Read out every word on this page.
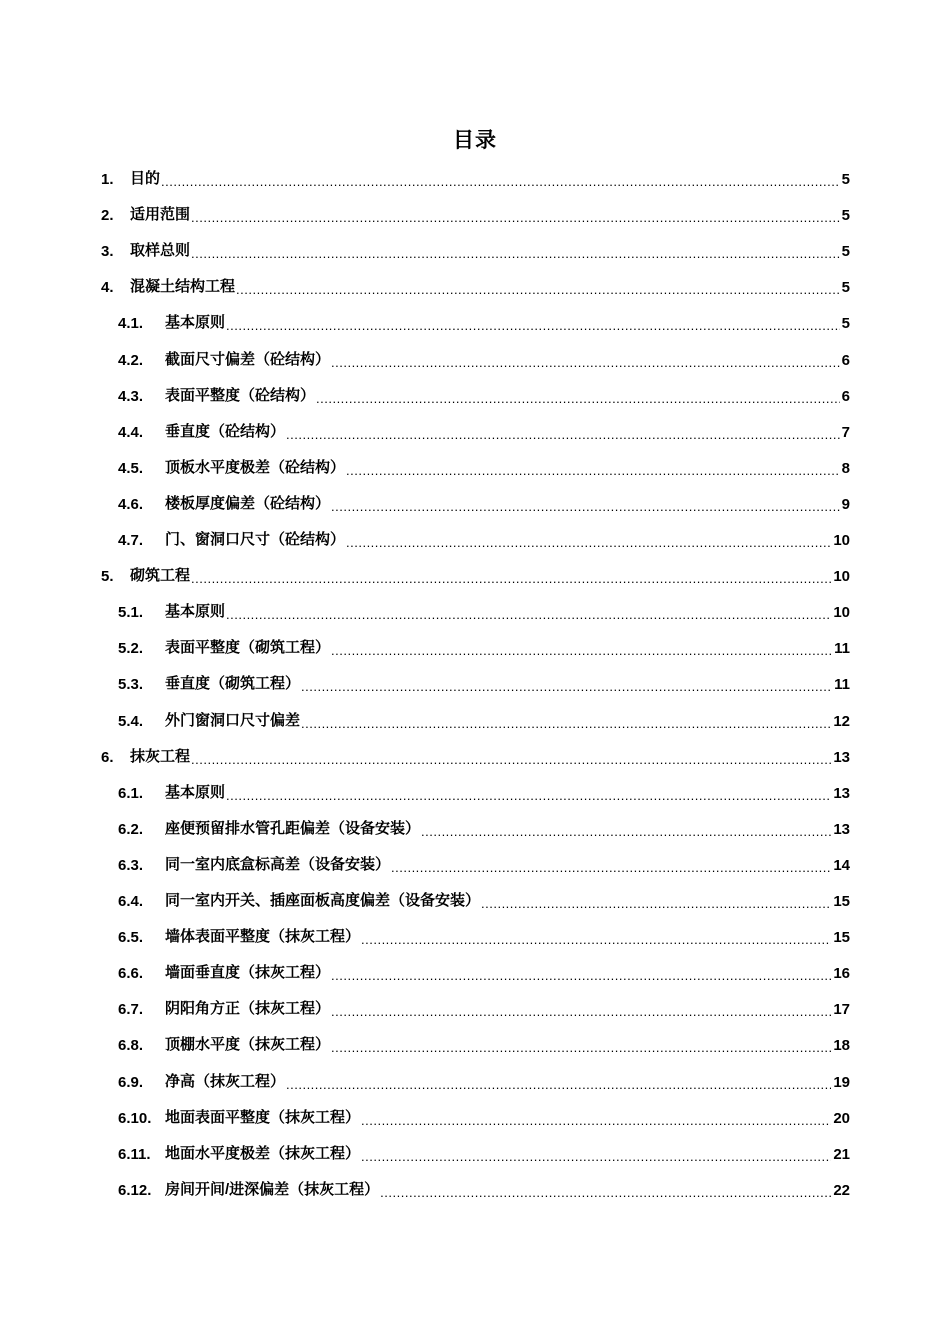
目录
1.	目的 .....	5
2.	适用范围 .....	5
3.	取样总则 .....	5
4.	混凝土结构工程 .....	5
4.1.	基本原则 .....	5
4.2.	截面尺寸偏差（砼结构） .....	6
4.3.	表面平整度（砼结构） .....	6
4.4.	垂直度（砼结构） .....	7
4.5.	顶板水平度极差（砼结构） .....	8
4.6.	楼板厚度偏差（砼结构） .....	9
4.7.	门、窗洞口尺寸（砼结构） .....	10
5.	砌筑工程 .....	10
5.1.	基本原则 .....	10
5.2.	表面平整度（砌筑工程） .....	11
5.3.	垂直度（砌筑工程） .....	11
5.4.	外门窗洞口尺寸偏差 .....	12
6.	抹灰工程 .....	13
6.1.	基本原则 .....	13
6.2.	座便预留排水管孔距偏差（设备安装） .....	13
6.3.	同一室内底盒标高差（设备安装） .....	14
6.4.	同一室内开关、插座面板高度偏差（设备安装） .....	15
6.5.	墙体表面平整度（抹灰工程） .....	15
6.6.	墙面垂直度（抹灰工程） .....	16
6.7.	阴阳角方正（抹灰工程） .....	17
6.8.	顶棚水平度（抹灰工程） .....	18
6.9.	净高（抹灰工程） .....	19
6.10. 地面表面平整度（抹灰工程） .....	20
6.11. 地面水平度极差（抹灰工程） .....	21
6.12. 房间开间/进深偏差（抹灰工程） .....	22
